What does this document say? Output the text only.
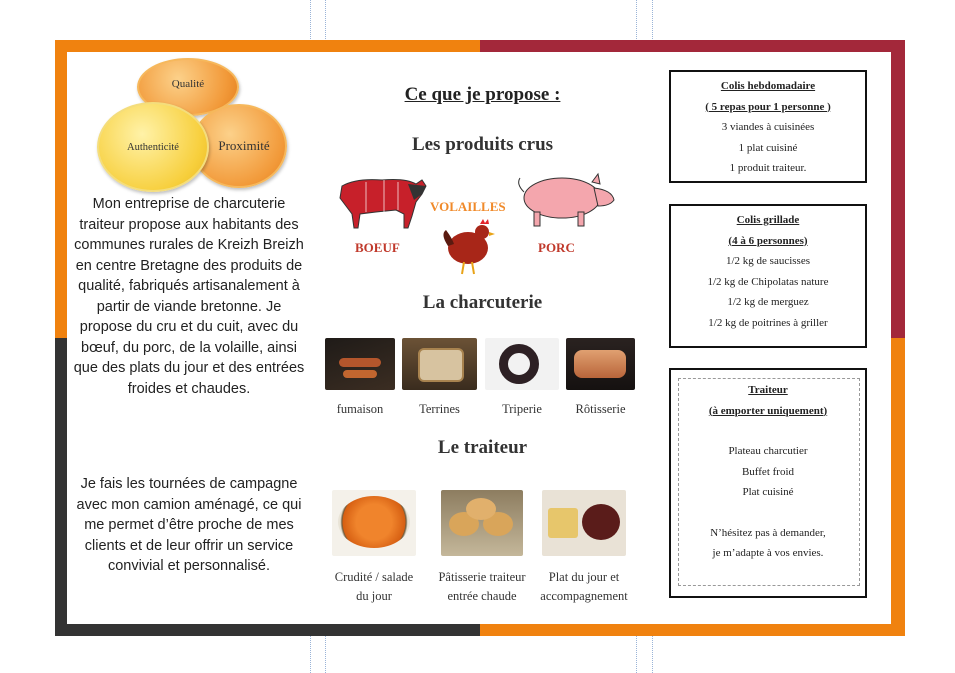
Qualité
Proximité
Authenticité
Mon entreprise de charcuterie traiteur propose aux habitants des communes rurales de Kreizh Breizh en centre Bretagne des produits de qualité, fabriqués artisanalement à partir de viande bretonne. Je propose du cru et du cuit, avec du bœuf, du porc, de la volaille, ainsi que des plats du jour et des entrées froides et chaudes.
Je fais les tournées de campagne avec mon camion aménagé, ce qui me permet d’être proche de mes clients et de leur offrir un service convivial et personnalisé.
Ce que je propose :
Les produits crus
BOEUF
VOLAILLES
PORC
La charcuterie
fumaison	Terrines	Triperie	Rôtisserie
Le traiteur
Crudité / salade
du jour
Pâtisserie traiteur
entrée chaude
Plat du jour et
accompagnement
Colis hebdomadaire
( 5 repas pour 1 personne )
3 viandes à cuisinées
1 plat cuisiné
1 produit traiteur.
Colis grillade
(4 à 6 personnes)
1/2 kg de saucisses
1/2 kg de Chipolatas nature
1/2 kg de merguez
1/2 kg de poitrines à griller
Traiteur
(à emporter uniquement)
Plateau charcutier
Buffet froid
Plat cuisiné
N’hésitez pas à demander,
je m’adapte à vos envies.
